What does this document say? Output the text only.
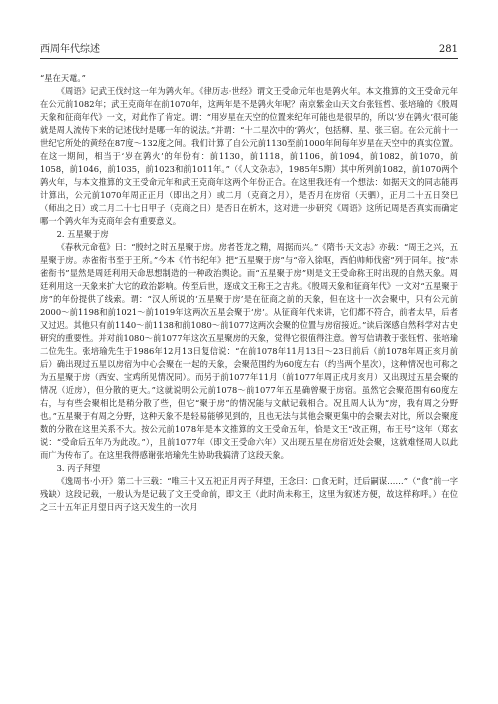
西周年代综述	281

“星在天鼋。”

《周语》记武王伐纣这一年为鹑火年。《律历志·世经》谓文王受命元年也是鹑火年。本文推算的文王受命元年在公元前1082年；武王克商年在前1070年，这两年是不是鹑火年呢？南京紫金山天文台张钰哲、张培瑜的《殷周天象和征商年代》一文，对此作了肯定。谓：“用岁星在天空的位置来纪年可能也是很早的，所以‘岁在鹑火’很可能就是周人流传下来的记述伐纣是哪一年的说法。”并谓：“十二星次中的‘鹑火’，包括柳、星、张三宿。在公元前十一世纪它所处的黄经在87度～132度之间。我们计算了自公元前1130至前1000年间每年岁星在天空中的真实位置。在这一期间，相当于‘岁在鹑火’的年份有：前1130，前1118，前1106，前1094，前1082，前1070，前1058，前1046，前1035，前1023和前1011年。”（《人文杂志》，1985年5期）其中所列前1082，前1070两个鹑火年，与本文推算的文王受命元年和武王克商年这两个年份正合。在这里我还有一个想法：如据天文的同志能再计算出，公元前1070年周正正月（即出之月）或二月（克商之月），是否月在房宿（天驷），正月二十五日癸巳（师出之日）或二月二十七日甲子（克商之日）是否日在析木，这对进一步研究《周语》这所记周是否真实而确定哪一个鹑火年为克商年会有重要意义。

2. 五星聚于房

《春秋元命苞》曰：“殷纣之时五星聚于房。房者苍龙之精，周据而兴。”《隋书·天文志》亦载：“周王之兴，五星聚于房。赤雀衔书至于王所。”今本《竹书纪年》把“五星聚于房”与“帝入徐呕，西伯帅师伐密”列于同年。按“赤雀衔书”显然是周廷利用天命思想制造的一种政治舆论。而“五星聚于房”则是文王受命称王时出现的自然天象。周廷利用这一天象来扩大它的政治影响。传至后世，逐成文王称王之吉兆。《殷周天象和征商年代》一文对“五星聚于房”的年份提供了线索。谓：“汉人所说的‘五星聚于房’是在征商之前的天象，但在这十一次会聚中，只有公元前2000～前1198和前1021～前1019年这两次五星会聚于‘房’。从征商年代来讲，它们都不符合，前者太早，后者又过迟。其他只有前1140～前1138和前1080～前1077这两次会聚的位置与房宿接近。”读后深感自然科学对古史研究的重要性。并对前1080～前1077年这次五星聚房的天象，觉得它很值得注意。曾写信请教于张钰哲、张培瑜二位先生。张培瑜先生于1986年12月13日复信说：“在前1078年11月13日～23日前后（前1078年周正亥月前后）确出现过五星以房宿为中心会聚在一起的天象，会聚范围约为60度左右（约当两个星次），这种情况也可称之为五星聚于房（西安、宝鸡所见情况同）。而另于前1077年11月（前1077年周正戌月亥月）又出现过五星会聚的情况（近房），但分散的更大。”这就说明公元前1078～前1077年五星确曾聚于房宿。虽然它会聚范围有60度左右，与有些会聚相比是稍分散了些，但它“聚于房”的情况能与文献记载相合。况且周人认为“房，我有周之分野也。”五星聚于有周之分野，这种天象不是轻易能够见到的，且也无法与其他会聚更集中的会聚去对比，所以会聚度数的分散在这里关系不大。按公元前1078年是本文推算的文王受命五年，恰是文王“改正朔，布王号”这年（郑玄说：“受命后五年乃为此改。”），且前1077年（即文王受命六年）又出现五星在房宿近处会聚，这就难怪周人以此而广为传布了。在这里我得感谢张培瑜先生协助我搞清了这段天象。

3. 丙子拜望

《逸周书·小开》第二十三载：“唯三十又五祀正月丙子拜望，王念曰：□食无时，迁后嗣谋……”（“食”前一字残缺）这段记载，一般认为是记载了文王受命前，即文王（此时尚未称王，这里为叙述方便，故这样称呼。）在位之三十五年正月望日丙子这天发生的一次月
